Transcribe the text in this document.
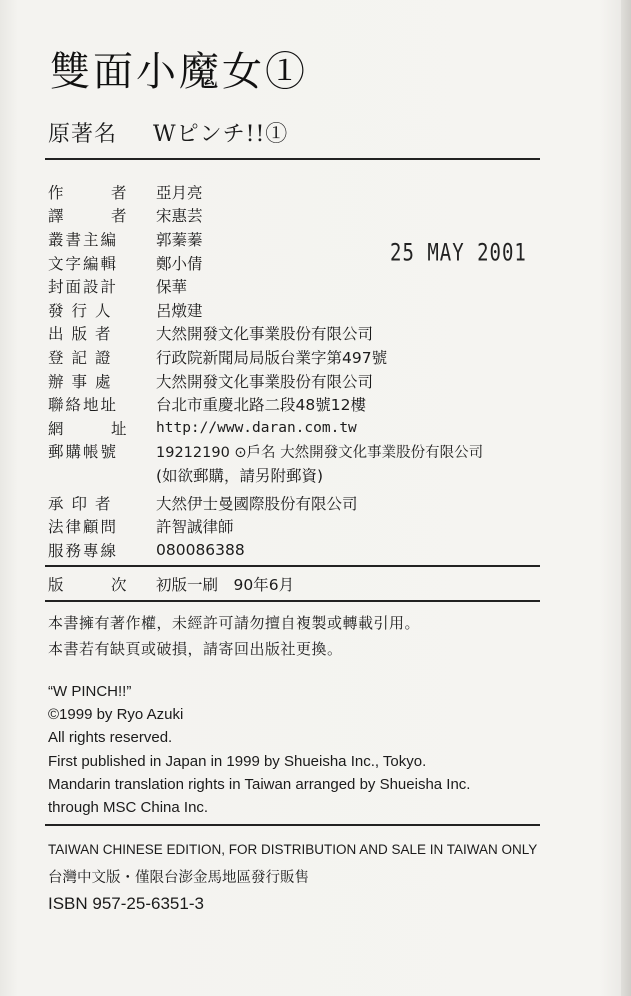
雙面小魔女①
原著名 Wピンチ!!①
作　者 亞月亮
譯　者 宋惠芸
叢書主編	郭蓁蓁
文字編輯	鄭小倩
封面設計	保華
發行人	呂燉建
出版者	大然開發文化事業股份有限公司
登記證	行政院新聞局局版台業字第497號
辦事處	大然開發文化事業股份有限公司
聯絡地址	台北市重慶北路二段48號12樓
網　址 http://www.daran.com.tw
郵購帳號	19212190 ⊙戶名 大然開發文化事業股份有限公司
(如欲郵購，請另附郵資)
承印者	大然伊士曼國際股份有限公司
法律顧問	許智誠律師
服務專線	080086388
25 MAY 2001
版　次 初版一刷　90年6月
本書擁有著作權，未經許可請勿擅自複製或轉載引用。
本書若有缺頁或破損，請寄回出版社更換。
“W PINCH!!”
©1999 by Ryo Azuki
All rights reserved.
First published in Japan in 1999 by Shueisha Inc., Tokyo.
Mandarin translation rights in Taiwan arranged by Shueisha Inc.
through MSC China Inc.
TAIWAN CHINESE EDITION, FOR DISTRIBUTION AND SALE IN TAIWAN ONLY
台灣中文版・僅限台澎金馬地區發行販售
ISBN 957-25-6351-3
